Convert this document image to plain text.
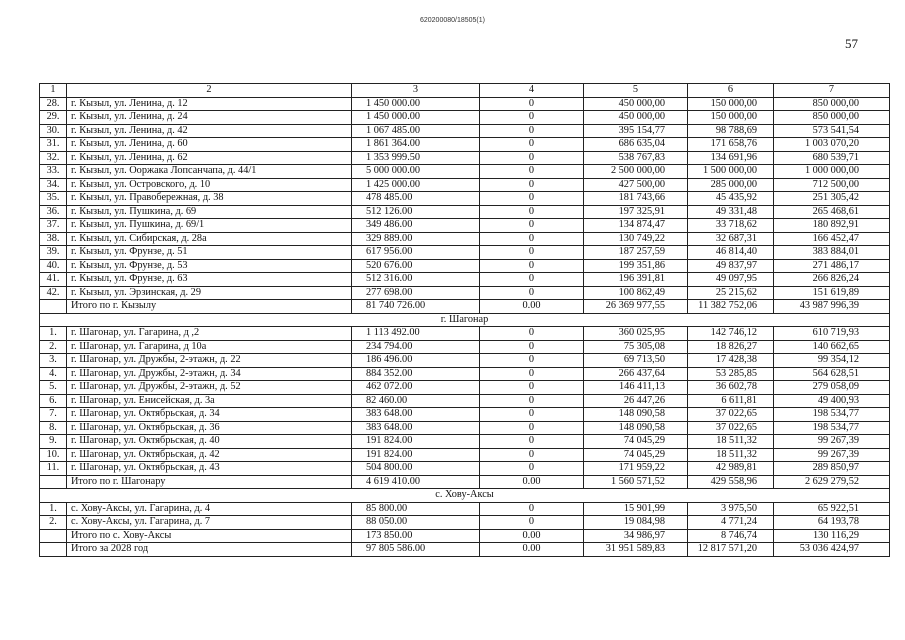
620200080/18505(1)
57
1	2	3	4	5	6	7
28.	г. Кызыл, ул. Ленина, д. 12	1 450 000.00	0	450 000,00	150 000,00	850 000,00
29.	г. Кызыл, ул. Ленина, д. 24	1 450 000.00	0	450 000,00	150 000,00	850 000,00
30.	г. Кызыл, ул. Ленина, д. 42	1 067 485.00	0	395 154,77	98 788,69	573 541,54
31.	г. Кызыл, ул. Ленина, д. 60	1 861 364.00	0	686 635,04	171 658,76	1 003 070,20
32.	г. Кызыл, ул. Ленина, д. 62	1 353 999.50	0	538 767,83	134 691,96	680 539,71
33.	г. Кызыл, ул. Ооржака Лопсанчапа, д. 44/1	5 000 000.00	0	2 500 000,00	1 500 000,00	1 000 000,00
34.	г. Кызыл, ул. Островского, д. 10	1 425 000.00	0	427 500,00	285 000,00	712 500,00
35.	г. Кызыл, ул. Правобережная, д. 38	478 485.00	0	181 743,66	45 435,92	251 305,42
36.	г. Кызыл, ул. Пушкина, д. 69	512 126.00	0	197 325,91	49 331,48	265 468,61
37.	г. Кызыл, ул. Пушкина, д. 69/1	349 486.00	0	134 874,47	33 718,62	180 892,91
38.	г. Кызыл, ул. Сибирская, д. 28а	329 889.00	0	130 749,22	32 687,31	166 452,47
39.	г. Кызыл, ул. Фрунзе, д. 51	617 956.00	0	187 257,59	46 814,40	383 884,01
40.	г. Кызыл, ул. Фрунзе, д. 53	520 676.00	0	199 351,86	49 837,97	271 486,17
41.	г. Кызыл, ул. Фрунзе, д. 63	512 316.00	0	196 391,81	49 097,95	266 826,24
42.	г. Кызыл, ул. Эрзинская, д. 29	277 698.00	0	100 862,49	25 215,62	151 619,89
	Итого по г. Кызылу	81 740 726.00	0.00	26 369 977,55	11 382 752,06	43 987 996,39
г. Шагонар						
1.	г. Шагонар, ул. Гагарина, д ,2	1 113 492.00	0	360 025,95	142 746,12	610 719,93
2.	г. Шагонар, ул. Гагарина, д 10а	234 794.00	0	75 305,08	18 826,27	140 662,65
3.	г. Шагонар, ул. Дружбы, 2-этажн, д. 22	186 496.00	0	69 713,50	17 428,38	99 354,12
4.	г. Шагонар, ул. Дружбы, 2-этажн, д. 34	884 352.00	0	266 437,64	53 285,85	564 628,51
5.	г. Шагонар, ул. Дружбы, 2-этажн, д. 52	462 072.00	0	146 411,13	36 602,78	279 058,09
6.	г. Шагонар, ул. Енисейская, д. 3а	82 460.00	0	26 447,26	6 611,81	49 400,93
7.	г. Шагонар, ул. Октябрьская, д. 34	383 648.00	0	148 090,58	37 022,65	198 534,77
8.	г. Шагонар, ул. Октябрьская, д. 36	383 648.00	0	148 090,58	37 022,65	198 534,77
9.	г. Шагонар, ул. Октябрьская, д. 40	191 824.00	0	74 045,29	18 511,32	99 267,39
10.	г. Шагонар, ул. Октябрьская, д. 42	191 824.00	0	74 045,29	18 511,32	99 267,39
11.	г. Шагонар, ул. Октябрьская, д. 43	504 800.00	0	171 959,22	42 989,81	289 850,97
	Итого по г. Шагонару	4 619 410.00	0.00	1 560 571,52	429 558,96	2 629 279,52
с. Хову-Аксы						
1.	с. Хову-Аксы, ул. Гагарина, д. 4	85 800.00	0	15 901,99	3 975,50	65 922,51
2.	с. Хову-Аксы, ул. Гагарина, д. 7	88 050.00	0	19 084,98	4 771,24	64 193,78
	Итого по с. Хову-Аксы	173 850.00	0.00	34 986,97	8 746,74	130 116,29
	Итого за 2028 год	97 805 586.00	0.00	31 951 589,83	12 817 571,20	53 036 424,97
